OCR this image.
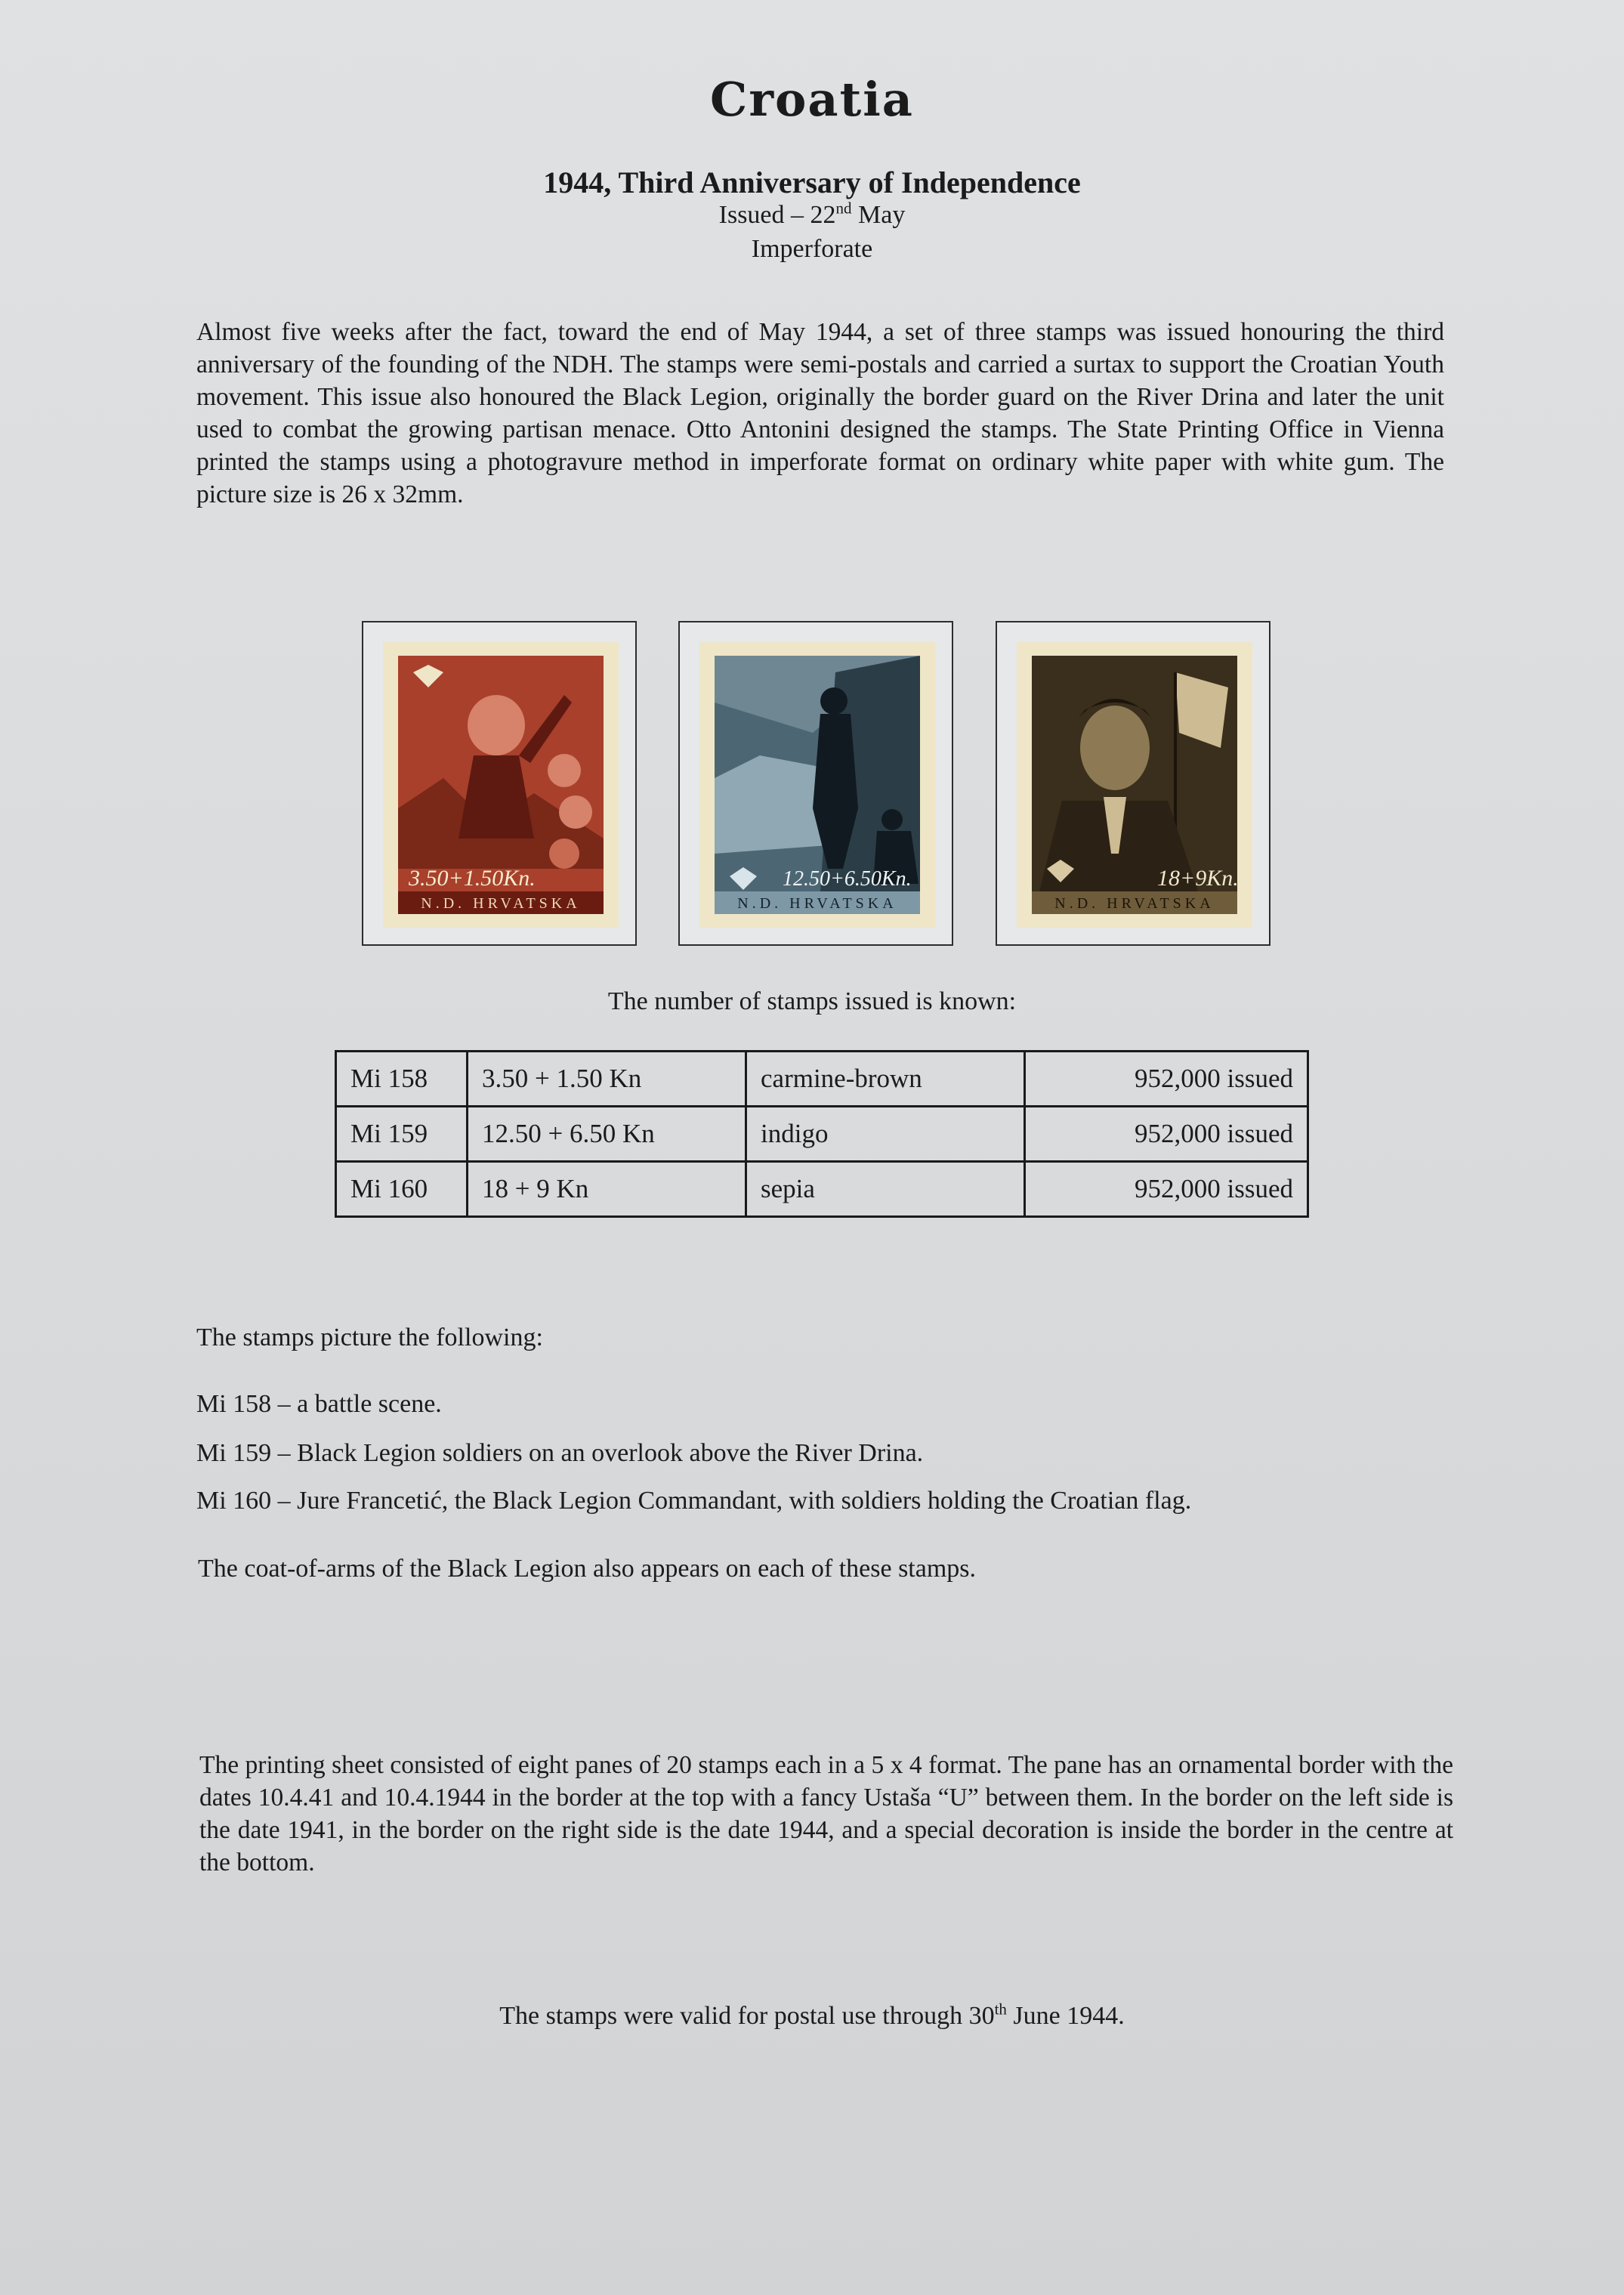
Croatia
1944, Third Anniversary of Independence
Issued – 22nd May
Imperforate
Almost five weeks after the fact, toward the end of May 1944, a set of three stamps was issued honouring the third anniversary of the founding of the NDH. The stamps were semi-postals and carried a surtax to support the Croatian Youth movement. This issue also honoured the Black Legion, originally the border guard on the River Drina and later the unit used to combat the growing partisan menace. Otto Antonini designed the stamps. The State Printing Office in Vienna printed the stamps using a photogravure method in imperforate format on ordinary white paper with white gum. The picture size is 26 x 32mm.
3.50+1.50Kn.
N.D. HRVATSKA
12.50+6.50Kn.
N.D. HRVATSKA
18+9Kn.
N.D. HRVATSKA
The number of stamps issued is known:
Mi 158	3.50 + 1.50 Kn	carmine-brown	952,000 issued
Mi 159	12.50 + 6.50 Kn	indigo	952,000 issued
Mi 160	18 + 9 Kn	sepia	952,000 issued
The stamps picture the following:
Mi 158 – a battle scene.
Mi 159 – Black Legion soldiers on an overlook above the River Drina.
Mi 160 – Jure Francetić, the Black Legion Commandant, with soldiers holding the Croatian flag.
The coat-of-arms of the Black Legion also appears on each of these stamps.
The printing sheet consisted of eight panes of 20 stamps each in a 5 x 4 format. The pane has an ornamental border with the dates 10.4.41 and 10.4.1944 in the border at the top with a fancy Ustaša “U” between them. In the border on the left side is the date 1941, in the border on the right side is the date 1944, and a special decoration is inside the border in the centre at the bottom.
The stamps were valid for postal use through 30th June 1944.
